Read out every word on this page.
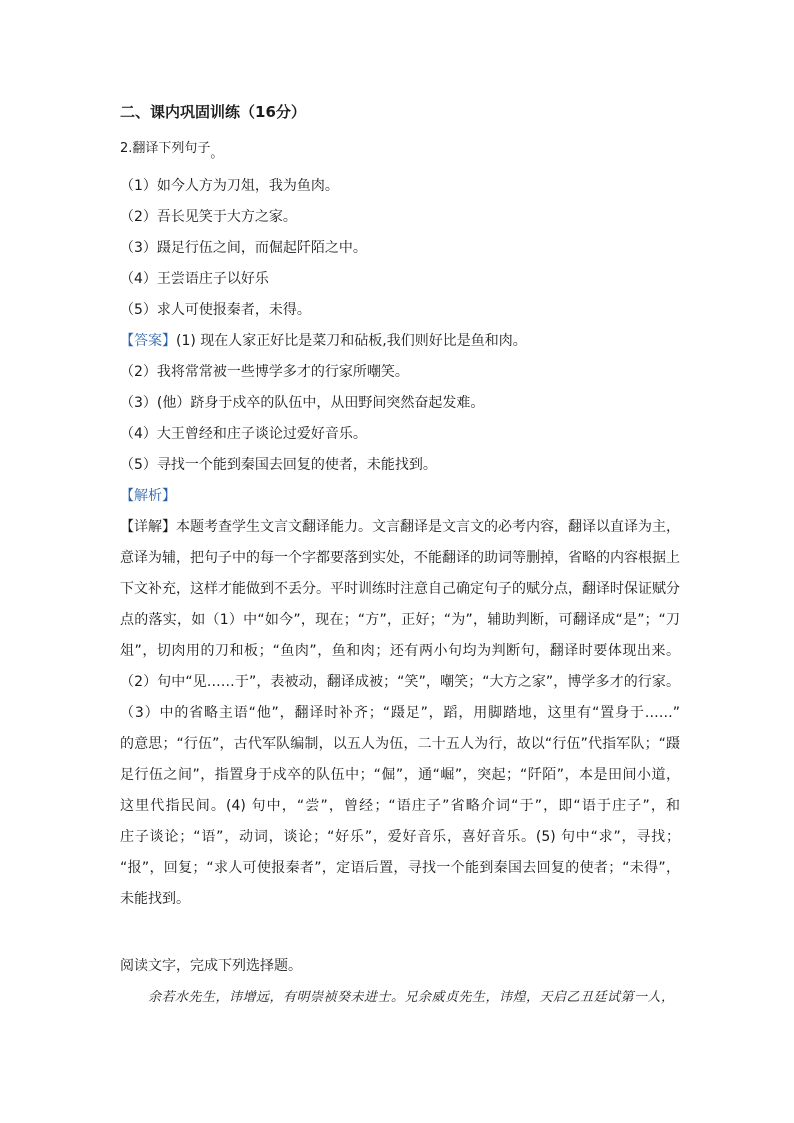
二、课内巩固训练（16分）
2.翻译下列句子。
（1）如今人方为刀俎，我为鱼肉。
（2）吾长见笑于大方之家。
（3）蹑足行伍之间，而倔起阡陌之中。
（4）王尝语庄子以好乐
（5）求人可使报秦者，未得。
【答案】(1) 现在人家正好比是菜刀和砧板,我们则好比是鱼和肉。
（2）我将常常被一些博学多才的行家所嘲笑。
（3）(他）跻身于戍卒的队伍中，从田野间突然奋起发难。
（4）大王曾经和庄子谈论过爱好音乐。
（5）寻找一个能到秦国去回复的使者，未能找到。
【解析】
【详解】本题考查学生文言文翻译能力。文言翻译是文言文的必考内容，翻译以直译为主，
意译为辅，把句子中的每一个字都要落到实处，不能翻译的助词等删掉，省略的内容根据上
下文补充，这样才能做到不丢分。平时训练时注意自己确定句子的赋分点，翻译时保证赋分
点的落实，如（1）中“如今”，现在；“方”，正好；“为”，辅助判断，可翻译成“是”；“刀
俎”，切肉用的刀和板；“鱼肉”，鱼和肉；还有两小句均为判断句，翻译时要体现出来。
（2）句中“见……于”，表被动，翻译成被；“笑”，嘲笑；“大方之家”，博学多才的行家。
（3）中的省略主语“他”，翻译时补齐；“蹑足”，蹈，用脚踏地，这里有“置身于……”
的意思；“行伍”，古代军队编制，以五人为伍，二十五人为行，故以“行伍”代指军队；“蹑
足行伍之间”，指置身于戍卒的队伍中；“倔”，通“崛”，突起；“阡陌”，本是田间小道，
这里代指民间。(4) 句中，“尝”，曾经；“语庄子”省略介词“于”，即“语于庄子”，和
庄子谈论；“语”，动词，谈论；“好乐”，爱好音乐，喜好音乐。(5) 句中“求”，寻找；
“报”，回复；“求人可使报秦者”，定语后置，寻找一个能到秦国去回复的使者；“未得”，
未能找到。
阅读文字，完成下列选择题。
余若水先生，讳增远，有明崇祯癸未进士。兄余威贞先生，讳煌，天启乙丑廷试第一人，
